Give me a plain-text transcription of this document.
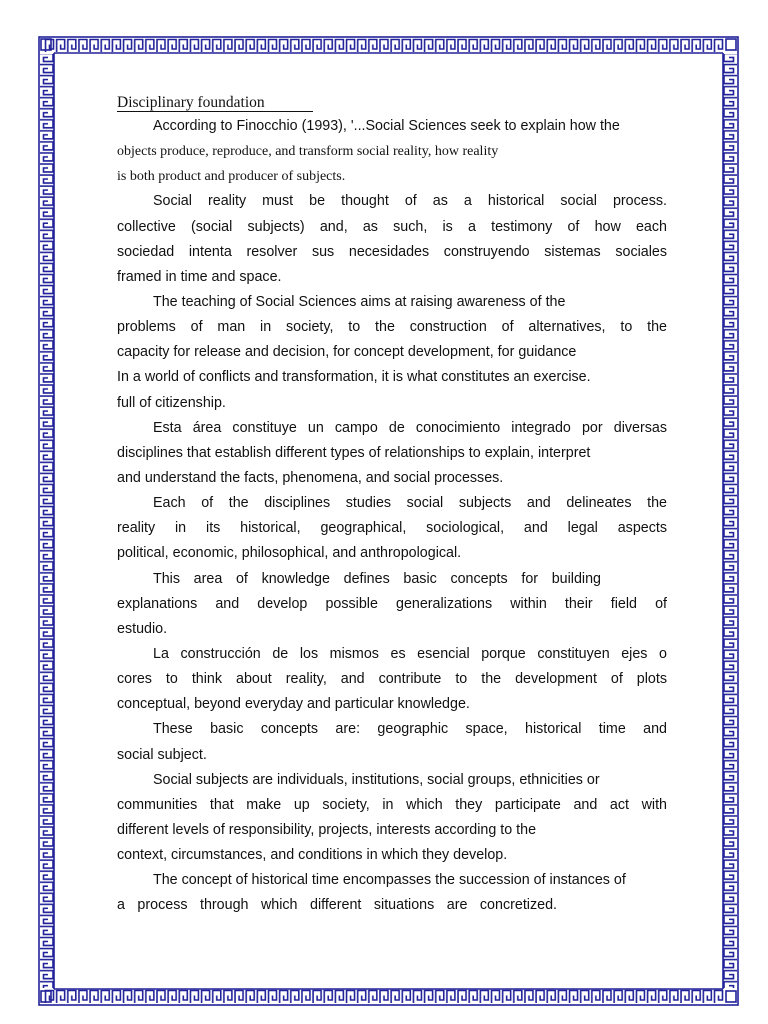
Disciplinary foundation
According to Finocchio (1993), '...Social Sciences seek to explain how the
objects produce, reproduce, and transform social reality, how reality
is both product and producer of subjects.
Social reality must be thought of as a historical social process.
collective (social subjects) and, as such, is a testimony of how each
sociedad intenta resolver sus necesidades construyendo sistemas sociales
framed in time and space.
The teaching of Social Sciences aims at raising awareness of the
problems of man in society, to the construction of alternatives, to the
capacity for release and decision, for concept development, for guidance
In a world of conflicts and transformation, it is what constitutes an exercise.
full of citizenship.
Esta área constituye un campo de conocimiento integrado por diversas
disciplines that establish different types of relationships to explain, interpret
and understand the facts, phenomena, and social processes.
Each of the disciplines studies social subjects and delineates the
reality in its historical, geographical, sociological, and legal aspects
political, economic, philosophical, and anthropological.
This area of knowledge defines basic concepts for building
explanations and develop possible generalizations within their field of
estudio.
La construcción de los mismos es esencial porque constituyen ejes o
cores to think about reality, and contribute to the development of plots
conceptual, beyond everyday and particular knowledge.
These basic concepts are: geographic space, historical time and
social subject.
Social subjects are individuals, institutions, social groups, ethnicities or
communities that make up society, in which they participate and act with
different levels of responsibility, projects, interests according to the
context, circumstances, and conditions in which they develop.
The concept of historical time encompasses the succession of instances of
a process through which different situations are concretized.
